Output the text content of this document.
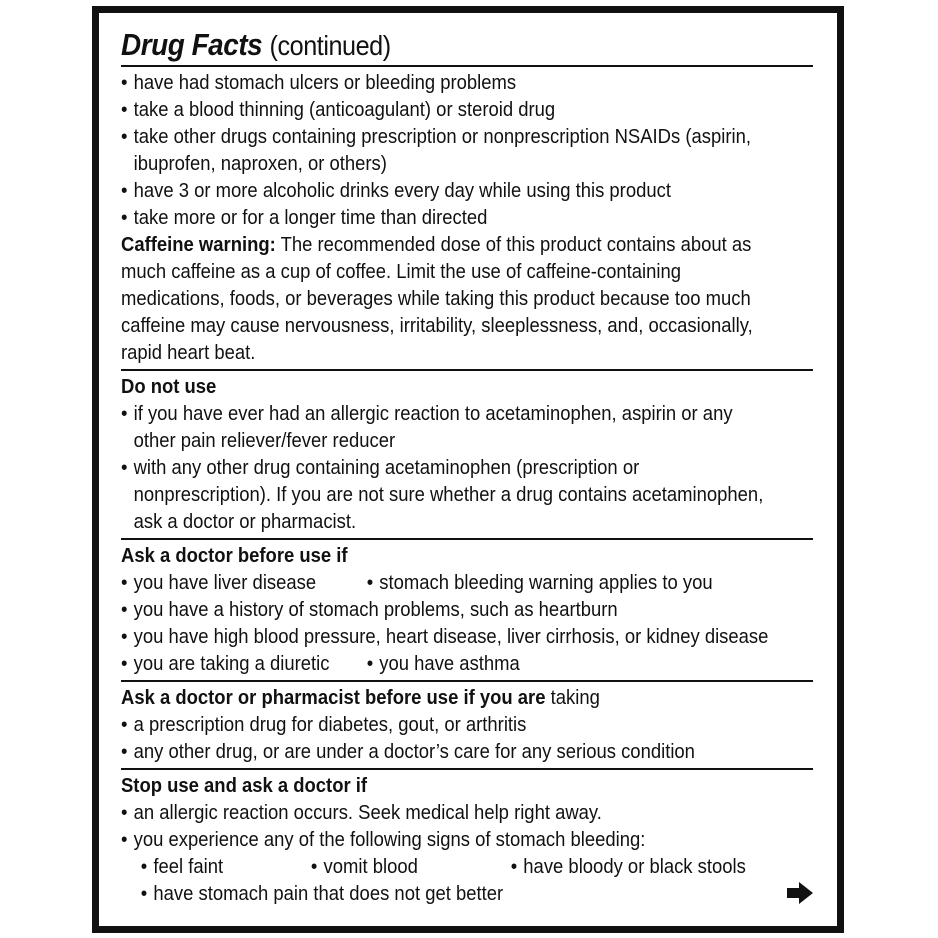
Drug Facts (continued)
• have had stomach ulcers or bleeding problems
• take a blood thinning (anticoagulant) or steroid drug
• take other drugs containing prescription or nonprescription NSAIDs (aspirin,
ibuprofen, naproxen, or others)
• have 3 or more alcoholic drinks every day while using this product
• take more or for a longer time than directed
Caffeine warning: The recommended dose of this product contains about as
much caffeine as a cup of coffee. Limit the use of caffeine-containing
medications, foods, or beverages while taking this product because too much
caffeine may cause nervousness, irritability, sleeplessness, and, occasionally,
rapid heart beat.
Do not use
• if you have ever had an allergic reaction to acetaminophen, aspirin or any
other pain reliever/fever reducer
• with any other drug containing acetaminophen (prescription or
nonprescription). If you are not sure whether a drug contains acetaminophen,
ask a doctor or pharmacist.
Ask a doctor before use if
• you have liver disease • stomach bleeding warning applies to you
• you have a history of stomach problems, such as heartburn
• you have high blood pressure, heart disease, liver cirrhosis, or kidney disease
• you are taking a diuretic • you have asthma
Ask a doctor or pharmacist before use if you are taking
• a prescription drug for diabetes, gout, or arthritis
• any other drug, or are under a doctor’s care for any serious condition
Stop use and ask a doctor if
• an allergic reaction occurs. Seek medical help right away.
• you experience any of the following signs of stomach bleeding:
• feel faint	• vomit blood	• have bloody or black stools
• have stomach pain that does not get better
